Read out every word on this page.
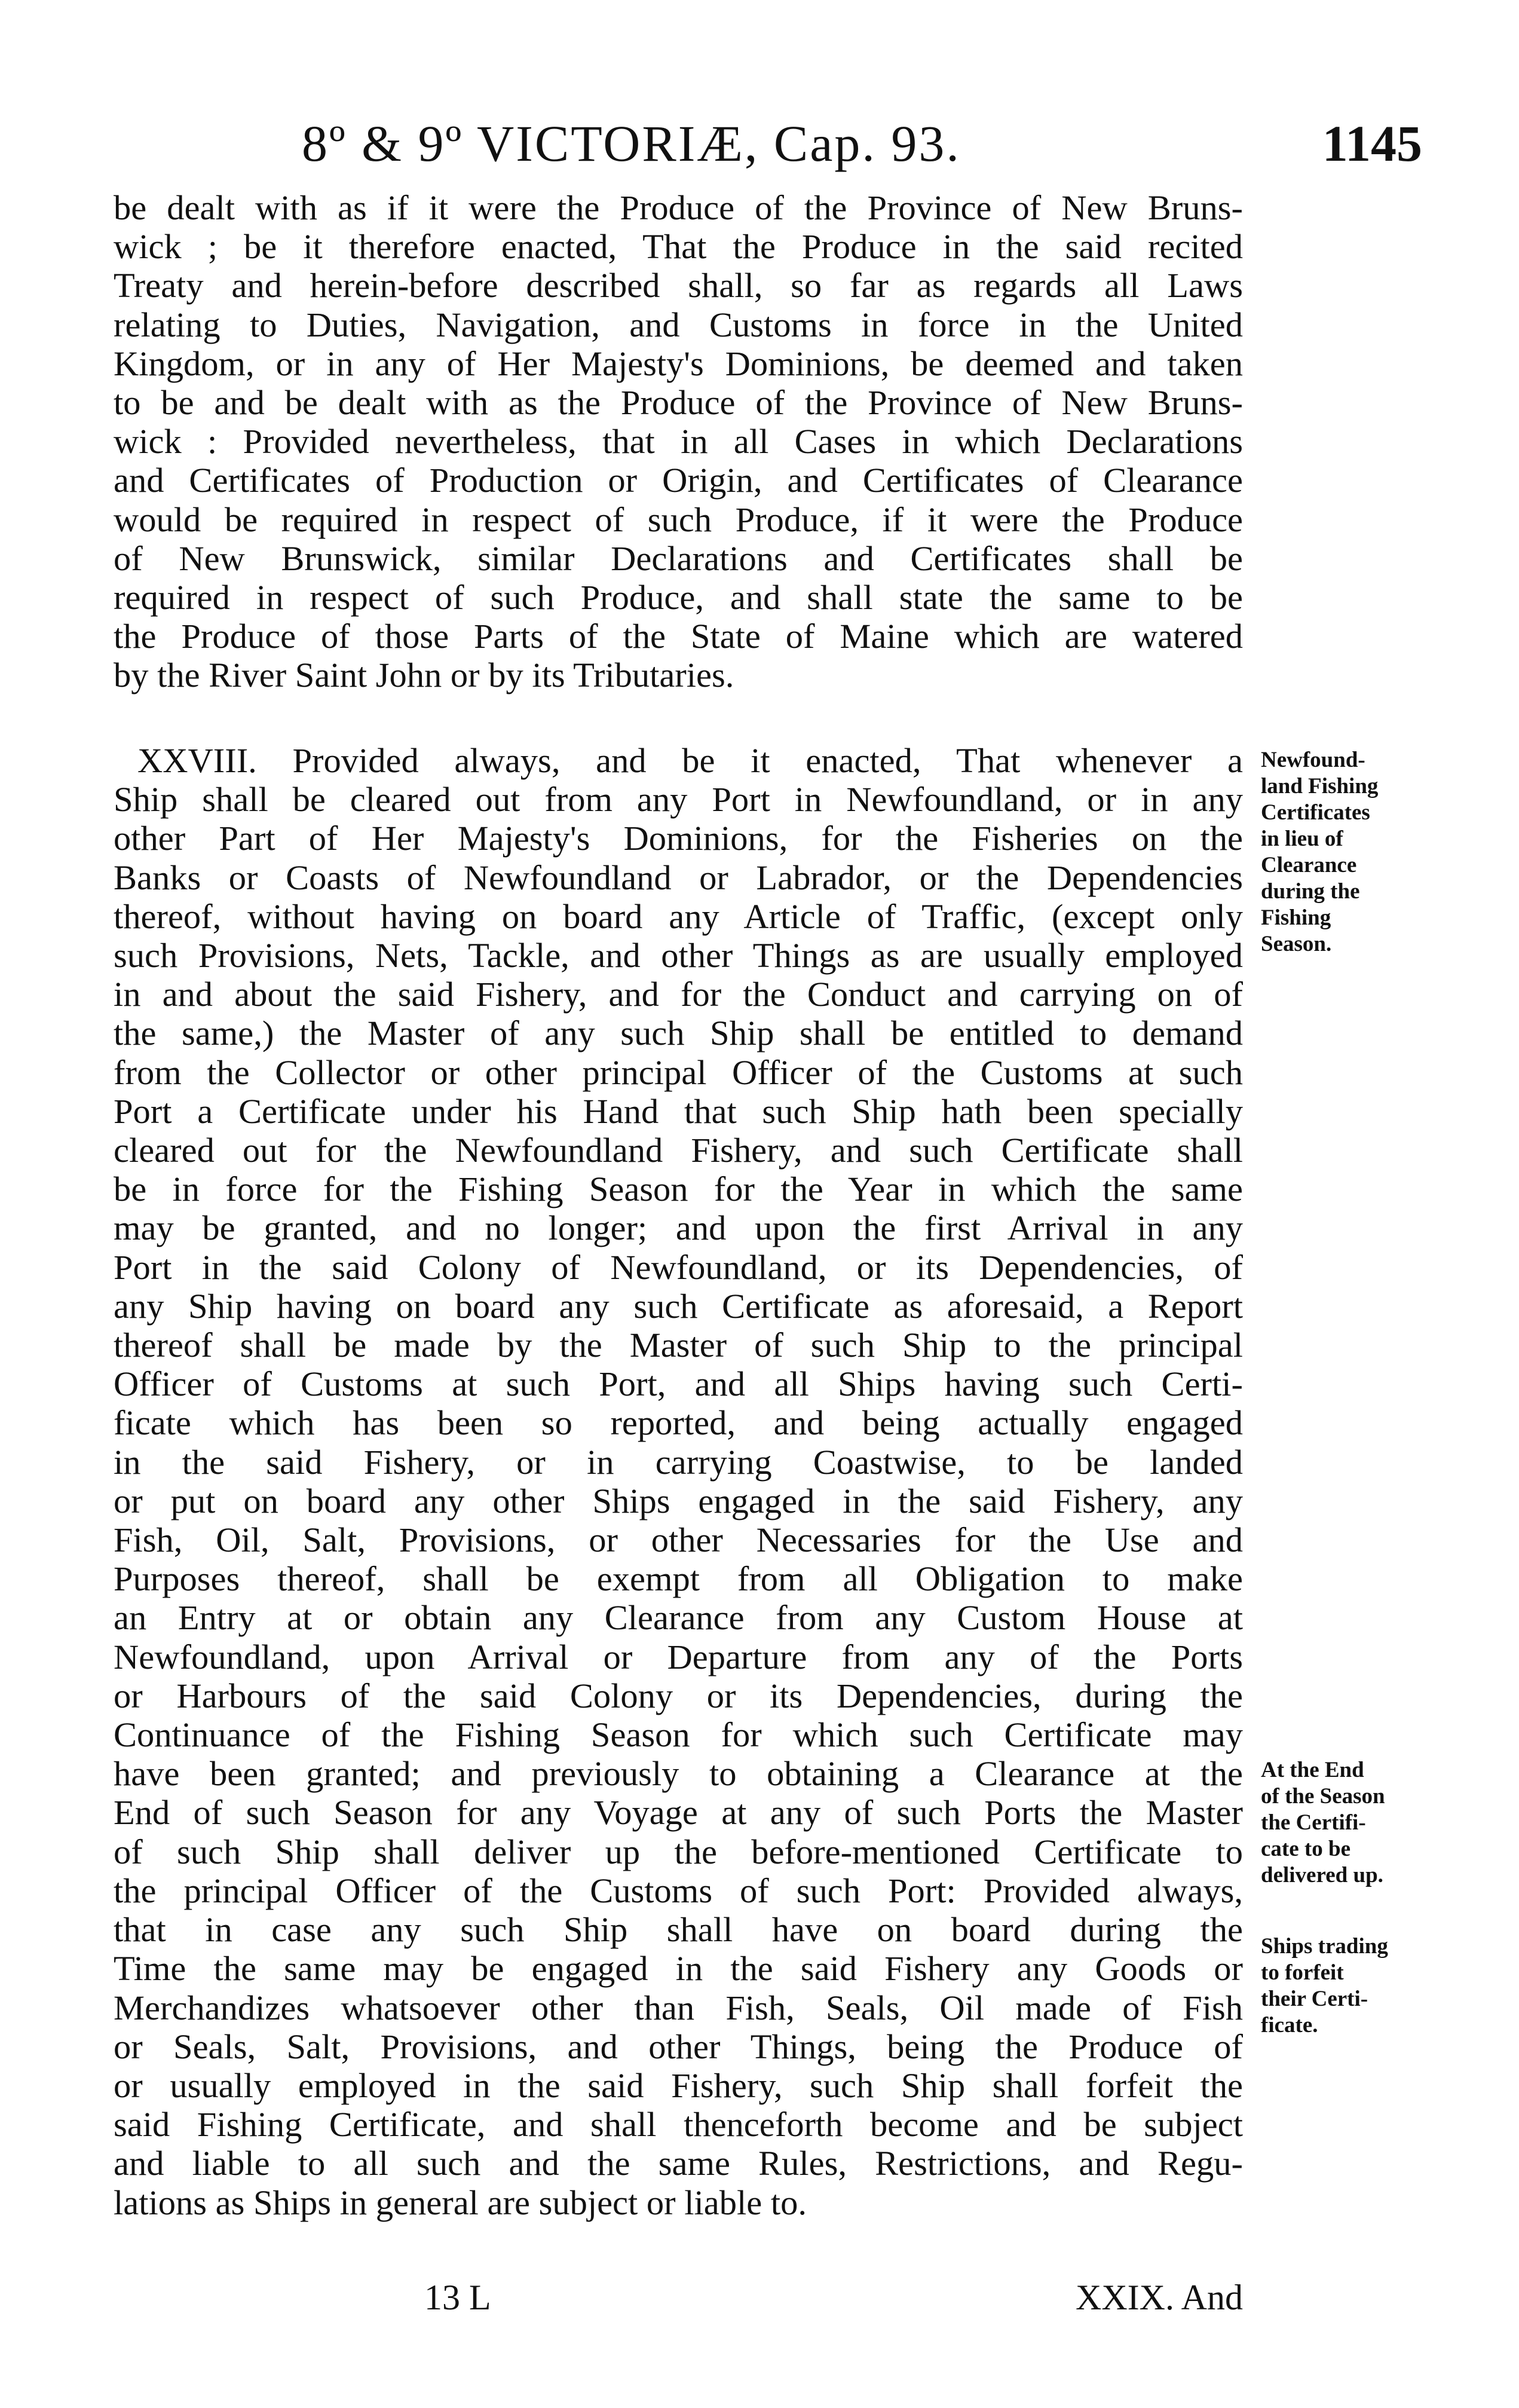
8º & 9º VICTORIÆ, Cap. 93.	1145
be dealt with as if it were the Produce of the Province of New Bruns-
wick ; be it therefore enacted, That the Produce in the said recited
Treaty and herein-before described shall, so far as regards all Laws
relating to Duties, Navigation, and Customs in force in the United
Kingdom, or in any of Her Majesty's Dominions, be deemed and taken
to be and be dealt with as the Produce of the Province of New Bruns-
wick : Provided nevertheless, that in all Cases in which Declarations
and Certificates of Production or Origin, and Certificates of Clearance
would be required in respect of such Produce, if it were the Produce
of New Brunswick, similar Declarations and Certificates shall be
required in respect of such Produce, and shall state the same to be
the Produce of those Parts of the State of Maine which are watered
by the River Saint John or by its Tributaries.
XXVIII. Provided always, and be it enacted, That whenever a
Ship shall be cleared out from any Port in Newfoundland, or in any
other Part of Her Majesty's Dominions, for the Fisheries on the
Banks or Coasts of Newfoundland or Labrador, or the Dependencies
thereof, without having on board any Article of Traffic, (except only
such Provisions, Nets, Tackle, and other Things as are usually employed
in and about the said Fishery, and for the Conduct and carrying on of
the same,) the Master of any such Ship shall be entitled to demand
from the Collector or other principal Officer of the Customs at such
Port a Certificate under his Hand that such Ship hath been specially
cleared out for the Newfoundland Fishery, and such Certificate shall
be in force for the Fishing Season for the Year in which the same
may be granted, and no longer; and upon the first Arrival in any
Port in the said Colony of Newfoundland, or its Dependencies, of
any Ship having on board any such Certificate as aforesaid, a Report
thereof shall be made by the Master of such Ship to the principal
Officer of Customs at such Port, and all Ships having such Certi-
ficate which has been so reported, and being actually engaged
in the said Fishery, or in carrying Coastwise, to be landed
or put on board any other Ships engaged in the said Fishery, any
Fish, Oil, Salt, Provisions, or other Necessaries for the Use and
Purposes thereof, shall be exempt from all Obligation to make
an Entry at or obtain any Clearance from any Custom House at
Newfoundland, upon Arrival or Departure from any of the Ports
or Harbours of the said Colony or its Dependencies, during the
Continuance of the Fishing Season for which such Certificate may
have been granted; and previously to obtaining a Clearance at the
End of such Season for any Voyage at any of such Ports the Master
of such Ship shall deliver up the before-mentioned Certificate to
the principal Officer of the Customs of such Port: Provided always,
that in case any such Ship shall have on board during the
Time the same may be engaged in the said Fishery any Goods or
Merchandizes whatsoever other than Fish, Seals, Oil made of Fish
or Seals, Salt, Provisions, and other Things, being the Produce of
or usually employed in the said Fishery, such Ship shall forfeit the
said Fishing Certificate, and shall thenceforth become and be subject
and liable to all such and the same Rules, Restrictions, and Regu-
lations as Ships in general are subject or liable to.
Newfound-
land Fishing
Certificates
in lieu of
Clearance
during the
Fishing
Season.
At the End
of the Season
the Certifi-
cate to be
delivered up.
Ships trading
to forfeit
their Certi-
ficate.
13 L	XXIX. And
